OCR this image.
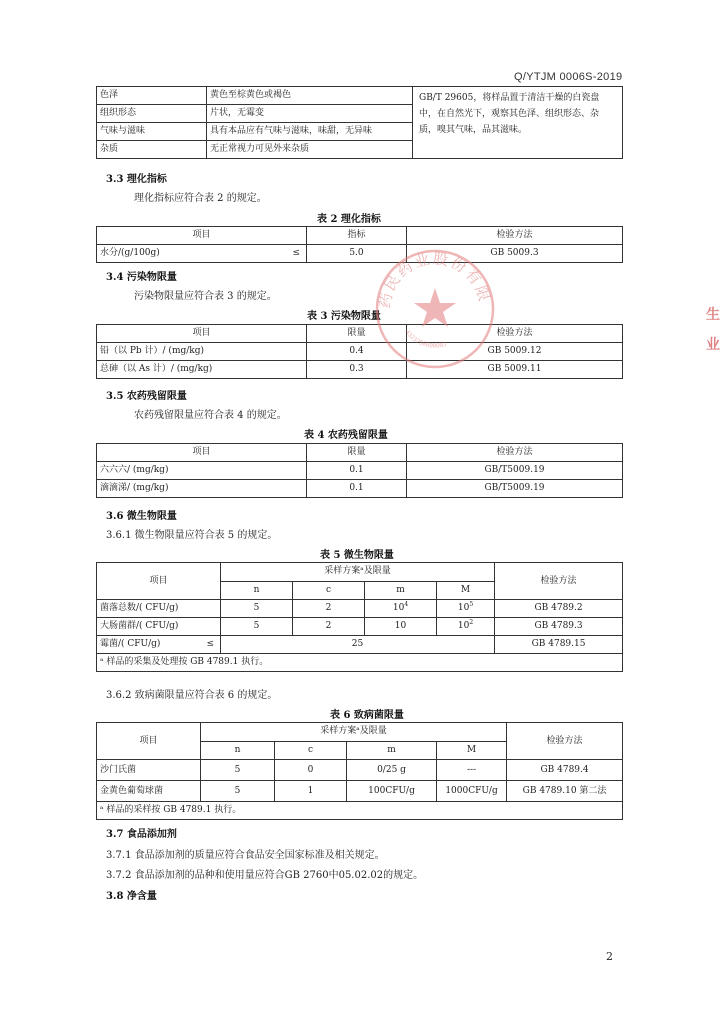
Q/YTJM 0006S-2019
色泽	黄色至棕黄色或褐色	GB/T 29605，将样品置于清洁干燥的白瓷盘中，在自然光下，观察其色泽、组织形态、杂质，嗅其气味，品其滋味。
组织形态	片状，无霉变	
气味与滋味	具有本品应有气味与滋味，味甜，无异味	
杂质	无正常视力可见外来杂质	
3.3 理化指标
理化指标应符合表 2 的规定。
表 2 理化指标
项目	指标	检验方法
水分/(g/100g) ≤	5.0	GB 5009.3
3.4 污染物限量
污染物限量应符合表 3 的规定。
表 3 污染物限量
项目	限量	检验方法
铅（以 Pb 计）/ (mg/kg)	0.4	GB 5009.12
总砷（以 As 计）/ (mg/kg)	0.3	GB 5009.11
3.5 农药残留限量
农药残留限量应符合表 4 的规定。
表 4 农药残留限量
项目	限量	检验方法
六六六/ (mg/kg)	0.1	GB/T5009.19
滴滴涕/ (mg/kg)	0.1	GB/T5009.19
3.6 微生物限量
3.6.1 微生物限量应符合表 5 的规定。
表 5 微生物限量
项目	采样方案ᵃ及限量				检验方法
	n	c	m	M	
菌落总数/( CFU/g)	5	2	$10^4$	$10^5$	GB 4789.2
大肠菌群/( CFU/g)	5	2	10	$10^2$	GB 4789.3
霉菌/( CFU/g) ≤	25				GB 4789.15
ᵃ 样品的采集及处理按 GB 4789.1 执行。					
3.6.2 致病菌限量应符合表 6 的规定。
表 6 致病菌限量
项目	采样方案ᵃ及限量				检验方法
	n	c	m	M	
沙门氏菌	5	0	0/25 g	---	GB 4789.4
金黄色葡萄球菌	5	1	100CFU/g	1000CFU/g	GB 4789.10 第二法
ᵃ 样品的采样按 GB 4789.1 执行。					
3.7 食品添加剂
3.7.1 食品添加剂的质量应符合食品安全国家标准及相关规定。
3.7.2 食品添加剂的品种和使用量应符合GB 2760中05.02.02的规定。
3.8 净含量
2
药民药业股份有限
4323250000003
生
业
